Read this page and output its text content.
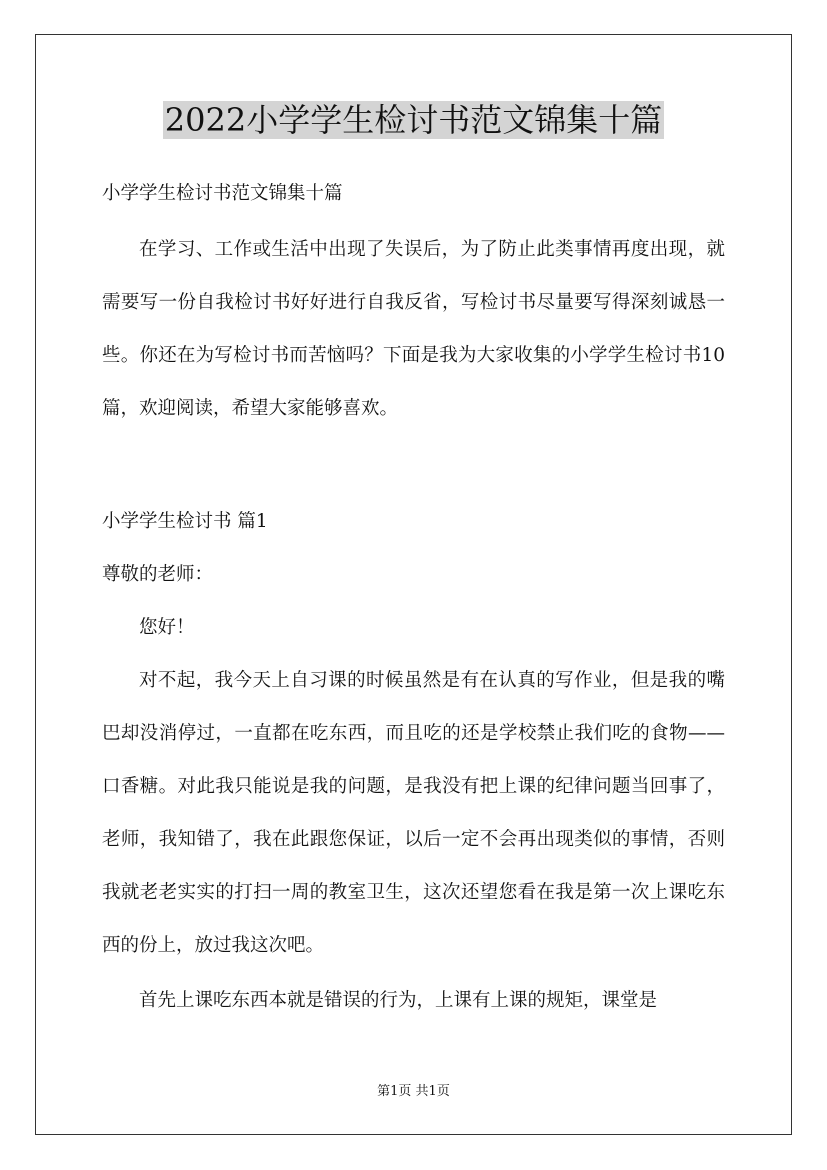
2022小学学生检讨书范文锦集十篇
小学学生检讨书范文锦集十篇

在学习、工作或生活中出现了失误后，为了防止此类事情再度出现，就需要写一份自我检讨书好好进行自我反省，写检讨书尽量要写得深刻诚恳一些。你还在为写检讨书而苦恼吗？下面是我为大家收集的小学学生检讨书10篇，欢迎阅读，希望大家能够喜欢。

小学学生检讨书 篇1

尊敬的老师：

您好！

对不起，我今天上自习课的时候虽然是有在认真的写作业，但是我的嘴巴却没消停过，一直都在吃东西，而且吃的还是学校禁止我们吃的食物——口香糖。对此我只能说是我的问题，是我没有把上课的纪律问题当回事了，老师，我知错了，我在此跟您保证，以后一定不会再出现类似的事情，否则我就老老实实的打扫一周的教室卫生，这次还望您看在我是第一次上课吃东西的份上，放过我这次吧。

首先上课吃东西本就是错误的行为，上课有上课的规矩，课堂是

第1页 共1页
